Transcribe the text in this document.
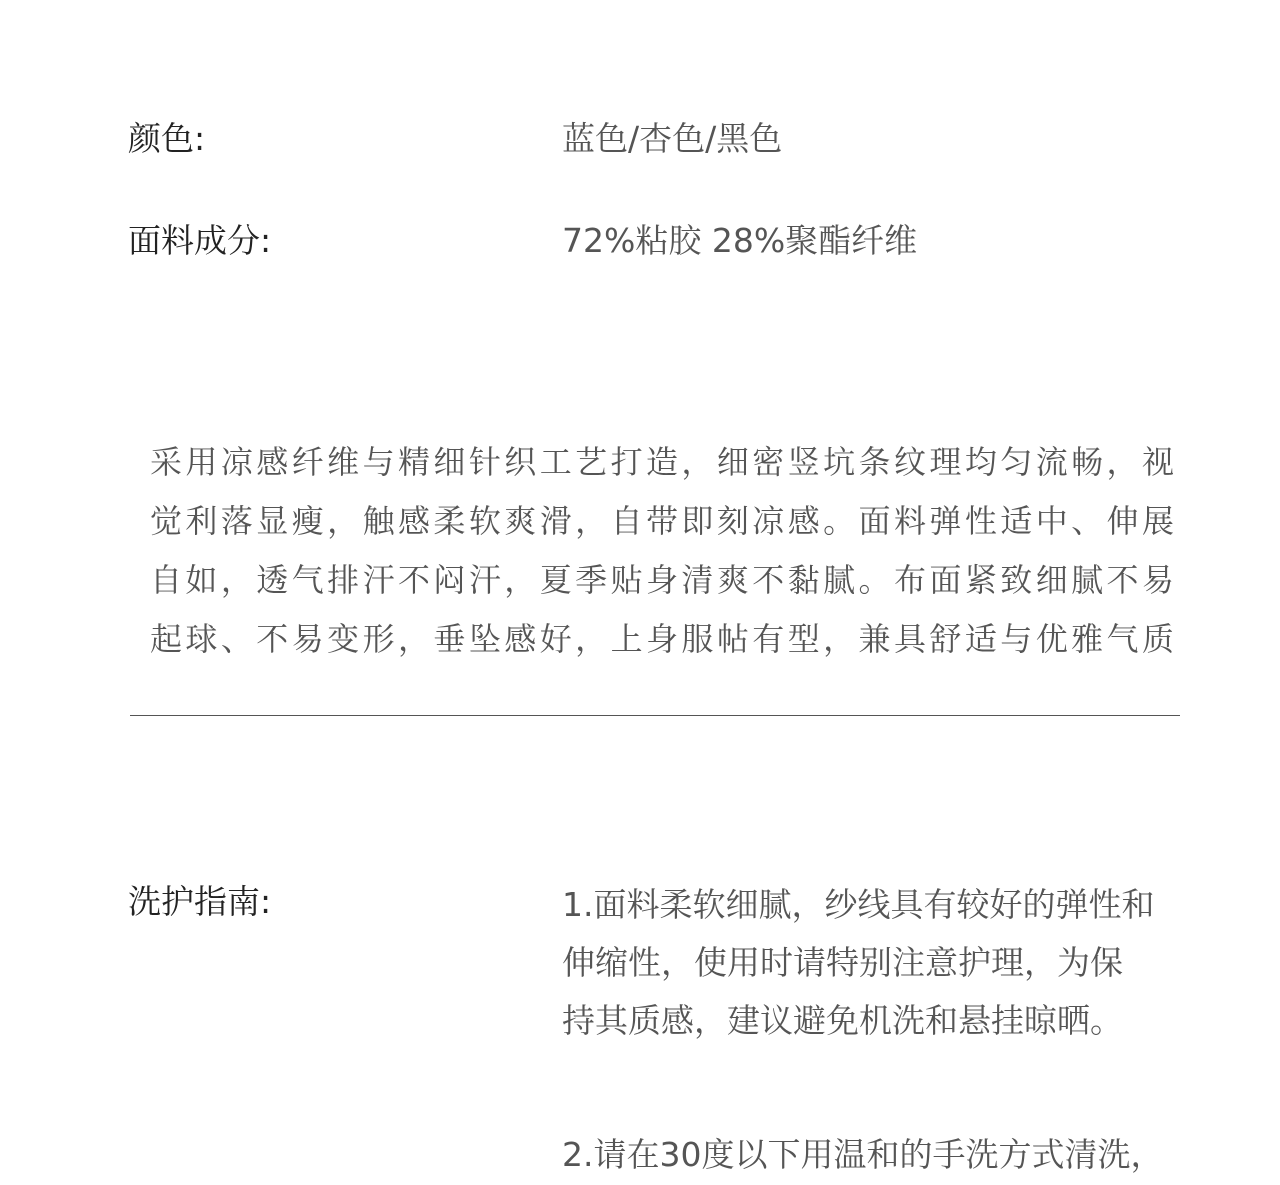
颜色:	蓝色/杏色/黑色
面料成分:	72%粘胶 28%聚酯纤维
采用凉感纤维与精细针织工艺打造，细密竖坑条纹理均匀流畅，视
觉利落显瘦，触感柔软爽滑，自带即刻凉感。面料弹性适中、伸展
自如，透气排汗不闷汗，夏季贴身清爽不黏腻。布面紧致细腻不易
起球、不易变形，垂坠感好，上身服帖有型，兼具舒适与优雅气质
洗护指南:	1.面料柔软细腻，纱线具有较好的弹性和
伸缩性，使用时请特别注意护理，为保
持其质感，建议避免机洗和悬挂晾晒。
2.请在30度以下用温和的手洗方式清洗，
